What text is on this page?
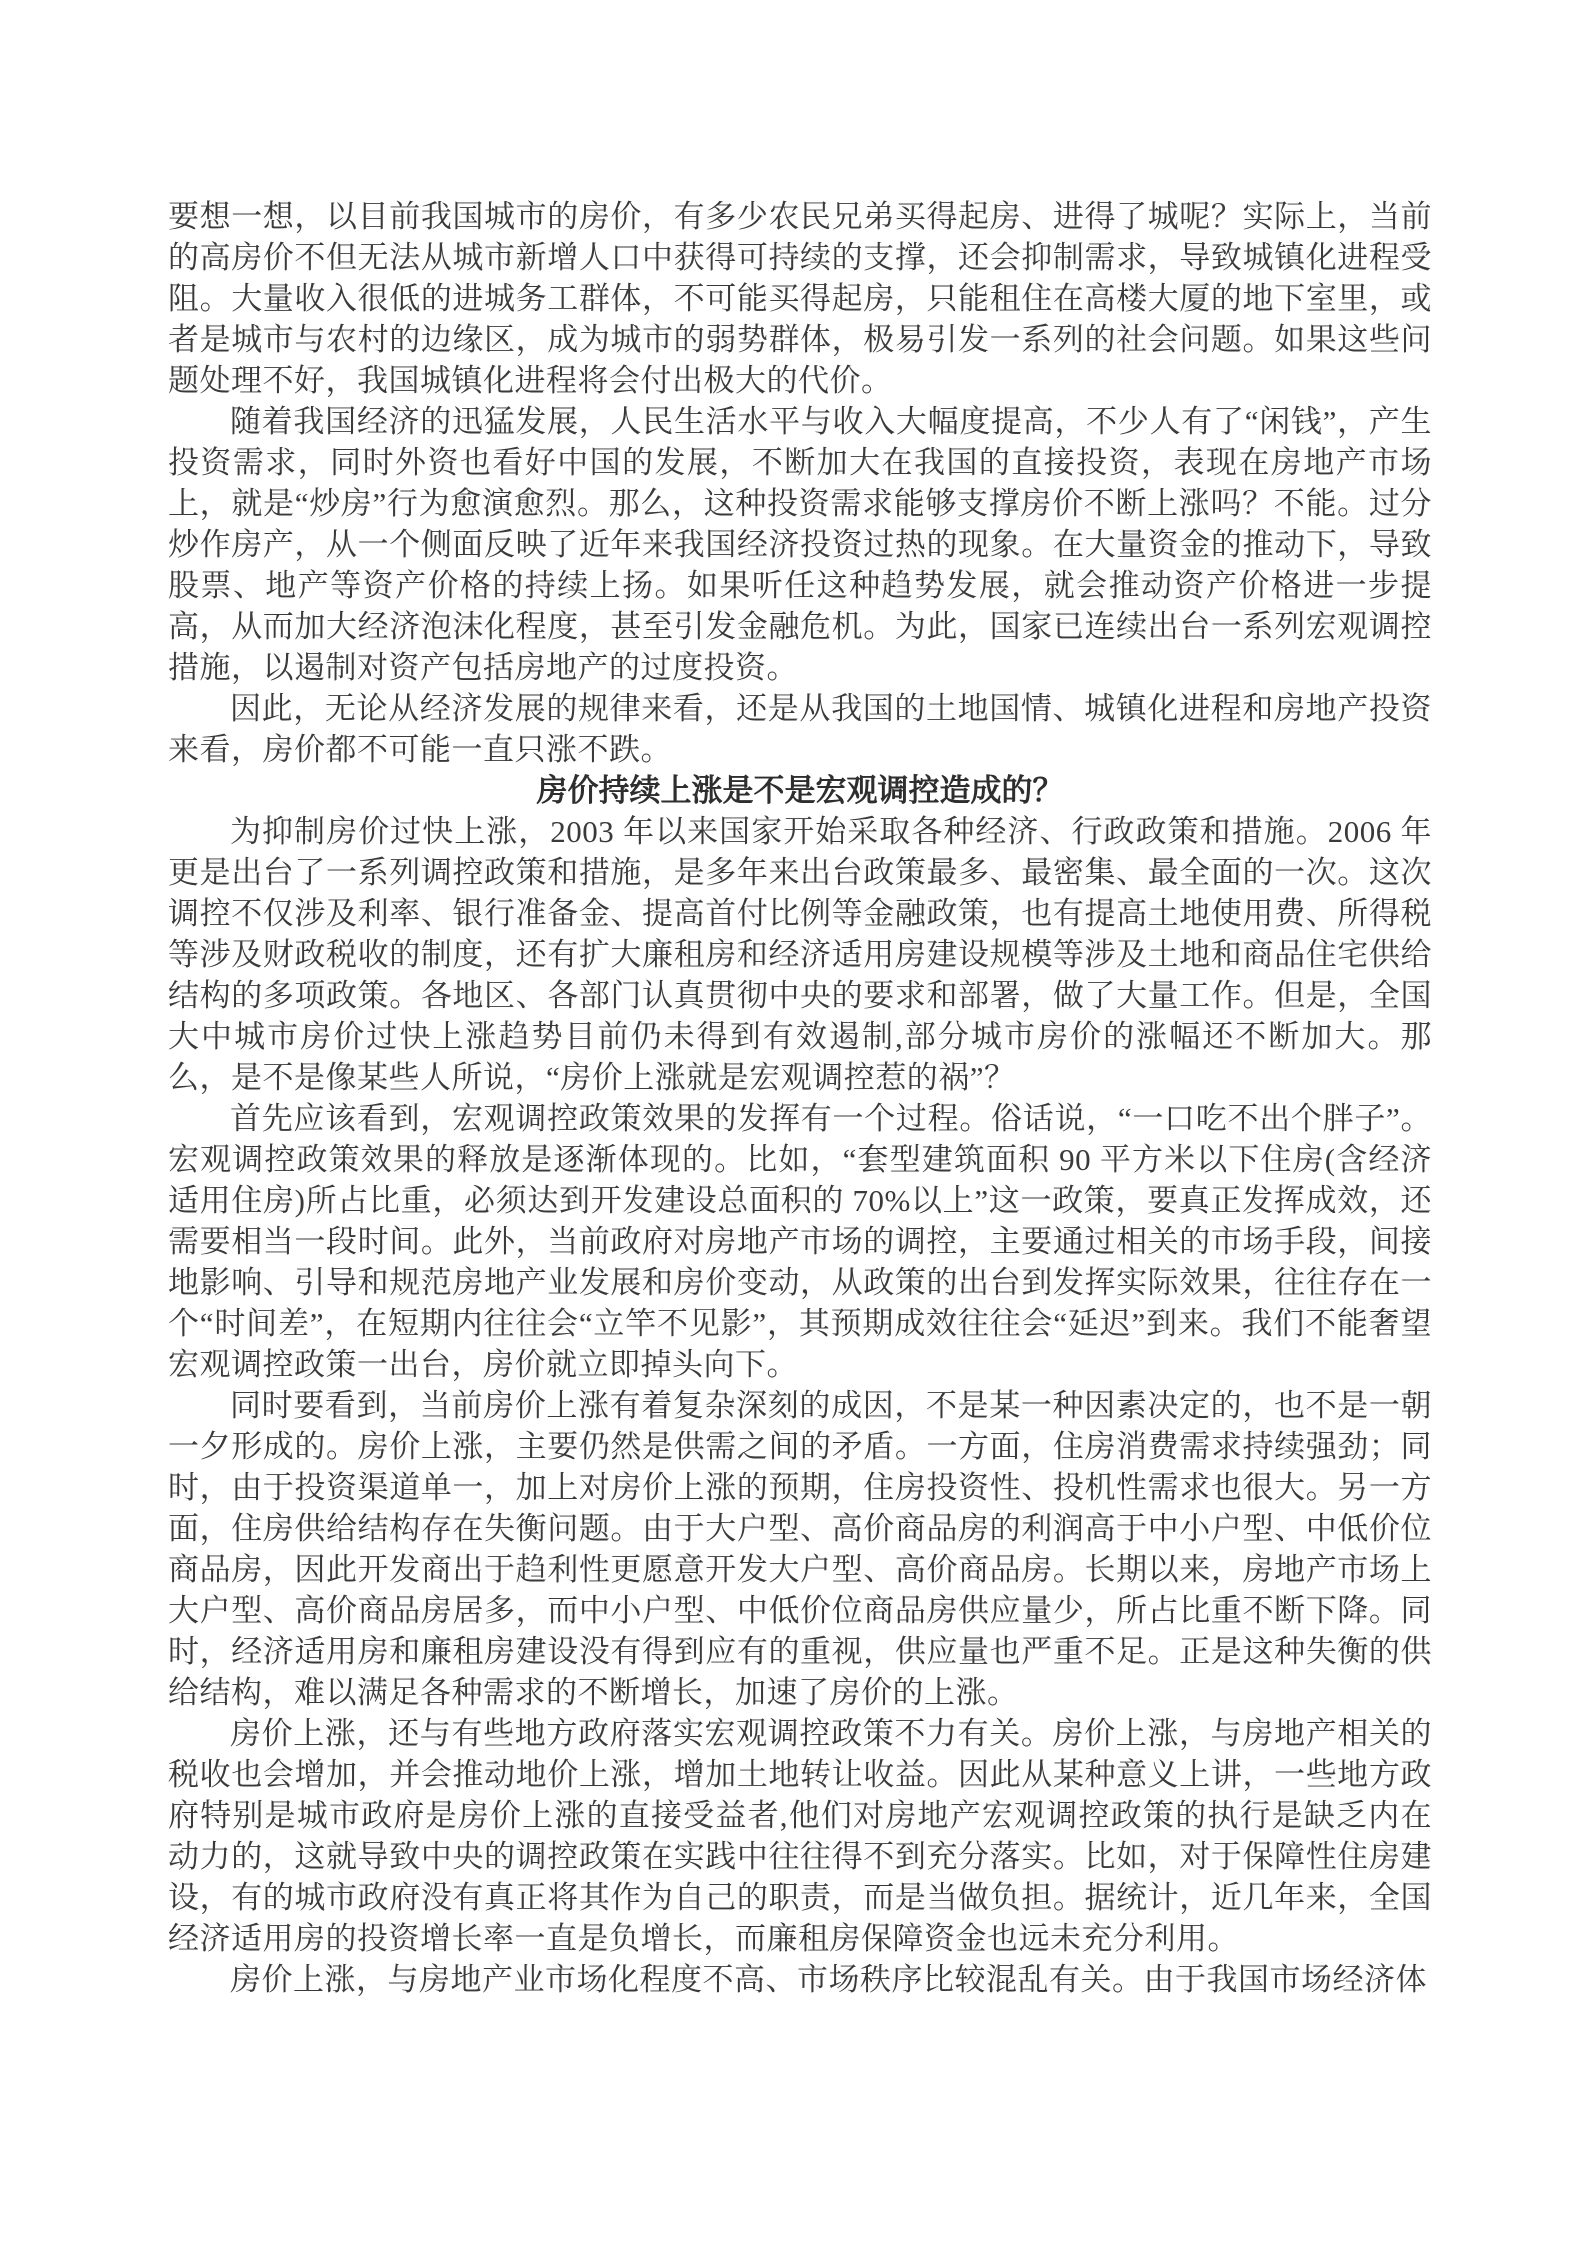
要想一想，以目前我国城市的房价，有多少农民兄弟买得起房、进得了城呢？实际上，当前的高房价不但无法从城市新增人口中获得可持续的支撑，还会抑制需求，导致城镇化进程受阻。大量收入很低的进城务工群体，不可能买得起房，只能租住在高楼大厦的地下室里，或者是城市与农村的边缘区，成为城市的弱势群体，极易引发一系列的社会问题。如果这些问题处理不好，我国城镇化进程将会付出极大的代价。

随着我国经济的迅猛发展，人民生活水平与收入大幅度提高，不少人有了“闲钱”，产生投资需求，同时外资也看好中国的发展，不断加大在我国的直接投资，表现在房地产市场上，就是“炒房”行为愈演愈烈。那么，这种投资需求能够支撑房价不断上涨吗？不能。过分炒作房产，从一个侧面反映了近年来我国经济投资过热的现象。在大量资金的推动下，导致股票、地产等资产价格的持续上扬。如果听任这种趋势发展，就会推动资产价格进一步提高，从而加大经济泡沫化程度，甚至引发金融危机。为此，国家已连续出台一系列宏观调控措施，以遏制对资产包括房地产的过度投资。

因此，无论从经济发展的规律来看，还是从我国的土地国情、城镇化进程和房地产投资来看，房价都不可能一直只涨不跌。

房价持续上涨是不是宏观调控造成的？

为抑制房价过快上涨，2003 年以来国家开始采取各种经济、行政政策和措施。2006 年更是出台了一系列调控政策和措施，是多年来出台政策最多、最密集、最全面的一次。这次调控不仅涉及利率、银行准备金、提高首付比例等金融政策，也有提高土地使用费、所得税等涉及财政税收的制度，还有扩大廉租房和经济适用房建设规模等涉及土地和商品住宅供给结构的多项政策。各地区、各部门认真贯彻中央的要求和部署，做了大量工作。但是，全国大中城市房价过快上涨趋势目前仍未得到有效遏制,部分城市房价的涨幅还不断加大。那么，是不是像某些人所说，“房价上涨就是宏观调控惹的祸”？

首先应该看到，宏观调控政策效果的发挥有一个过程。俗话说，“一口吃不出个胖子”。宏观调控政策效果的释放是逐渐体现的。比如，“套型建筑面积 90 平方米以下住房(含经济适用住房)所占比重，必须达到开发建设总面积的 70%以上”这一政策，要真正发挥成效，还需要相当一段时间。此外，当前政府对房地产市场的调控，主要通过相关的市场手段，间接地影响、引导和规范房地产业发展和房价变动，从政策的出台到发挥实际效果，往往存在一个“时间差”，在短期内往往会“立竿不见影”，其预期成效往往会“延迟”到来。我们不能奢望宏观调控政策一出台，房价就立即掉头向下。

同时要看到，当前房价上涨有着复杂深刻的成因，不是某一种因素决定的，也不是一朝一夕形成的。房价上涨，主要仍然是供需之间的矛盾。一方面，住房消费需求持续强劲；同时，由于投资渠道单一，加上对房价上涨的预期，住房投资性、投机性需求也很大。另一方面，住房供给结构存在失衡问题。由于大户型、高价商品房的利润高于中小户型、中低价位商品房，因此开发商出于趋利性更愿意开发大户型、高价商品房。长期以来，房地产市场上大户型、高价商品房居多，而中小户型、中低价位商品房供应量少，所占比重不断下降。同时，经济适用房和廉租房建设没有得到应有的重视，供应量也严重不足。正是这种失衡的供给结构，难以满足各种需求的不断增长，加速了房价的上涨。

房价上涨，还与有些地方政府落实宏观调控政策不力有关。房价上涨，与房地产相关的税收也会增加，并会推动地价上涨，增加土地转让收益。因此从某种意义上讲，一些地方政府特别是城市政府是房价上涨的直接受益者,他们对房地产宏观调控政策的执行是缺乏内在动力的，这就导致中央的调控政策在实践中往往得不到充分落实。比如，对于保障性住房建设，有的城市政府没有真正将其作为自己的职责，而是当做负担。据统计，近几年来，全国经济适用房的投资增长率一直是负增长，而廉租房保障资金也远未充分利用。

房价上涨，与房地产业市场化程度不高、市场秩序比较混乱有关。由于我国市场经济体
